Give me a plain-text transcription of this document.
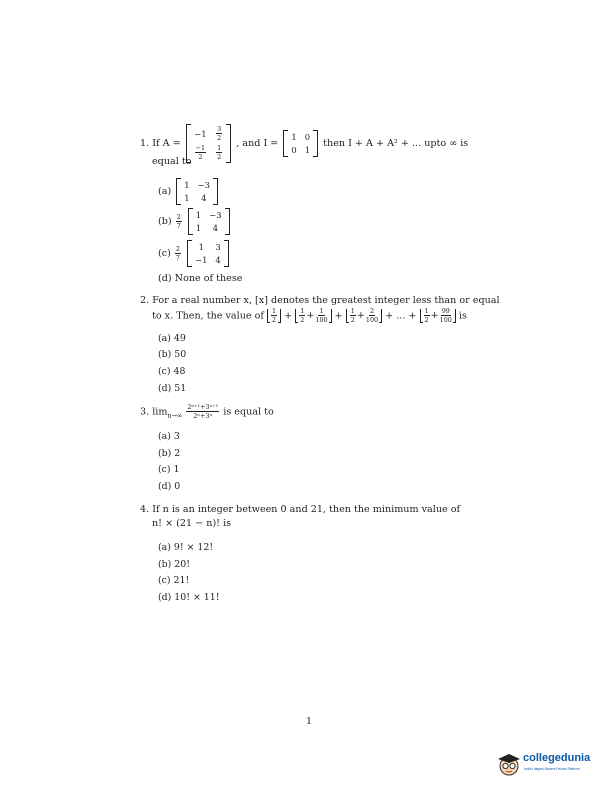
1. If A =
$-1 \frac{3}{2}$
$\frac{-1}{2} \frac{1}{2}$
, and I =
1 0
0 1
then I + A + A² + ... upto ∞ is
equal to
(a)
1 −3
1	4
$(b) \frac{2}{7}$
1 −3
1	4
$(c) \frac{2}{7}$
	1	3
−1 4
(d) None of these
2. For a real number x, [x] denotes the greatest integer less than or equal
to x. Then, the value of $\frac{1}{2} + \frac{1}{2} + \frac{1}{100} + \frac{1}{2} + \frac{2}{100}$ + ... + $\frac{1}{2} + \frac{99}{100}$ is
(a) 49
(b) 50
(c) 48
(d) 51
3. $\lim_{n\to\infty} \frac{\text{2ⁿ⁺¹+3ⁿ⁺¹}}{\text{2ⁿ+3ⁿ}}$ is equal to
(a) 3
(b) 2
(c) 1
(d) 0
4. If n is an integer between 0 and 21, then the minimum value of
n! × (21 − n)! is
(a) 9! × 12!
(b) 20!
(c) 21!
(d) 10! × 11!
1
collegedunia
India's largest Student Review Platform
